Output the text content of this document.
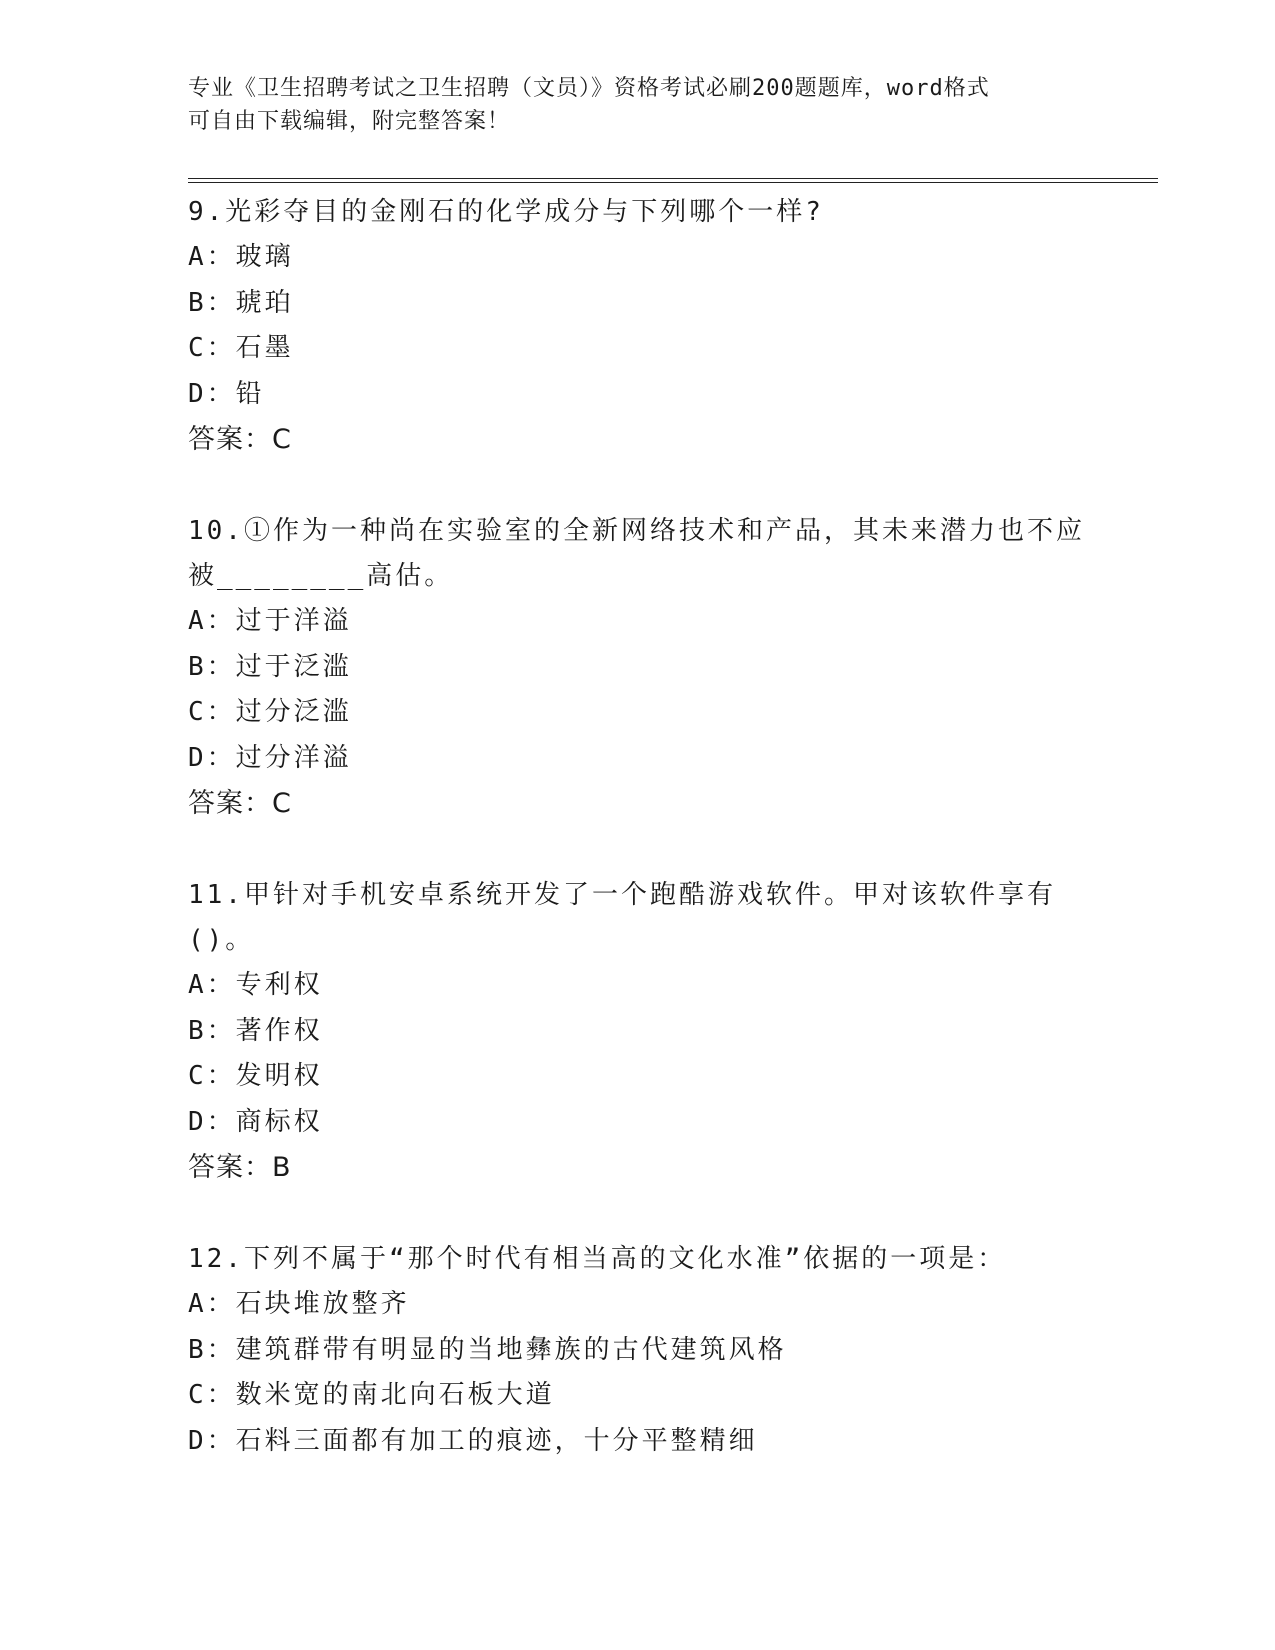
专业《卫生招聘考试之卫生招聘（文员）》资格考试必刷200题题库，word格式
可自由下载编辑，附完整答案！

9.光彩夺目的金刚石的化学成分与下列哪个一样?

A：玻璃

B：琥珀

C：石墨

D：铅

答案：C

10.①作为一种尚在实验室的全新网络技术和产品，其未来潜力也不应被________高估。

A：过于洋溢

B：过于泛滥

C：过分泛滥

D：过分洋溢

答案：C

11.甲针对手机安卓系统开发了一个跑酷游戏软件。甲对该软件享有()。

A：专利权

B：著作权

C：发明权

D：商标权

答案：B

12.下列不属于“那个时代有相当高的文化水准”依据的一项是：

A：石块堆放整齐

B：建筑群带有明显的当地彝族的古代建筑风格

C：数米宽的南北向石板大道

D：石料三面都有加工的痕迹，十分平整精细
